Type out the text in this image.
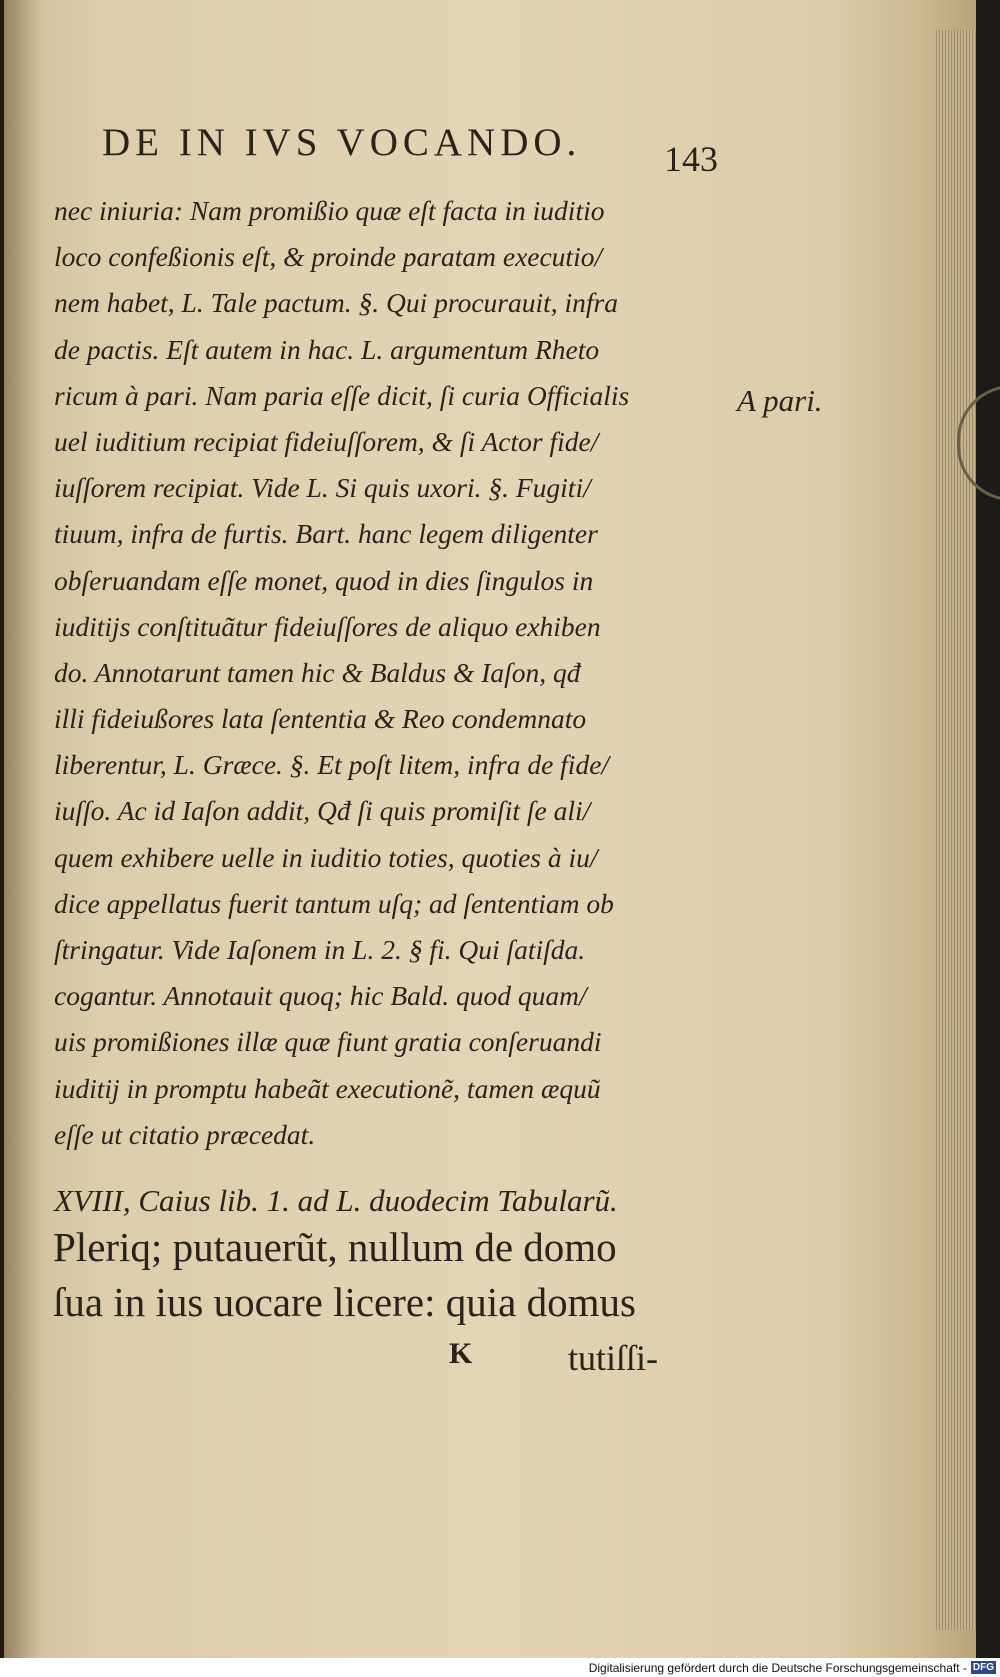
DE IN IVS VOCANDO.	143
nec iniuria: Nam promißio quæ eſt facta in iuditio
loco confeßionis eſt, & proinde paratam executio/
nem habet, L. Tale pactum. §. Qui procurauit, infra
de pactis. Eſt autem in hac. L. argumentum Rheto
ricum à pari. Nam paria eſſe dicit, ſi curia Officialis
uel iuditium recipiat fideiuſſorem, & ſi Actor fide/
iuſſorem recipiat. Vide L. Si quis uxori. §. Fugiti/
tiuum, infra de furtis. Bart. hanc legem diligenter
obſeruandam eſſe monet, quod in dies ſingulos in
iuditijs conſtituãtur fideiuſſores de aliquo exhiben
do. Annotarunt tamen hic & Baldus & Iaſon, qđ
illi fideiußores lata ſententia & Reo condemnato
liberentur, L. Græce. §. Et poſt litem, infra de fide/
iuſſo. Ac id Iaſon addit, Qđ ſi quis promiſit ſe ali/
quem exhibere uelle in iuditio toties, quoties à iu/
dice appellatus fuerit tantum uſq; ad ſententiam ob
ſtringatur. Vide Iaſonem in L. 2. § fi. Qui ſatiſda.
cogantur. Annotauit quoq; hic Bald. quod quam/
uis promißiones illæ quæ fiunt gratia conſeruandi
iuditij in promptu habeãt executionẽ, tamen æquũ
eſſe ut citatio præcedat.
A pari.
XVIII, Caius lib. 1. ad L. duodecim Tabularũ.
Pleriq; putauerũt, nullum de domo
ſua in ius uocare licere: quia domus
K	tutiſſi-
Digitalisierung gefördert durch die Deutsche Forschungsgemeinschaft - DFG
